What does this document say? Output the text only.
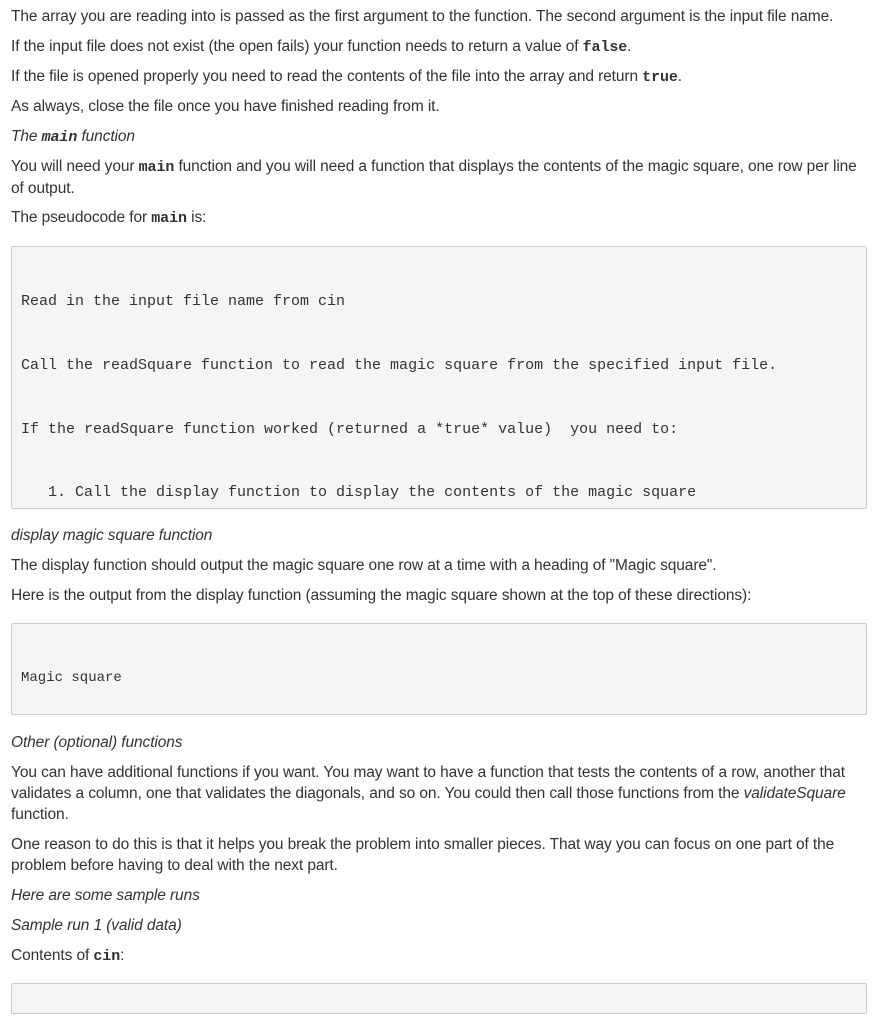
The array you are reading into is passed as the first argument to the function. The second argument is the input file name.

If the input file does not exist (the open fails) your function needs to return a value of false.

If the file is opened properly you need to read the contents of the file into the array and return true.

As always, close the file once you have finished reading from it.

The main function

You will need your main function and you will need a function that displays the contents of the magic square, one row per line of output.

The pseudocode for main is:

Read in the input file name from cin

Call the readSquare function to read the magic square from the specified input file.

If the readSquare function worked (returned a *true* value)  you need to:

1. Call the display function to display the contents of the magic square

display magic square function

The display function should output the magic square one row at a time with a heading of "Magic square".

Here is the output from the display function (assuming the magic square shown at the top of these directions):

Magic square

Other (optional) functions

You can have additional functions if you want. You may want to have a function that tests the contents of a row, another that validates a column, one that validates the diagonals, and so on. You could then call those functions from the validateSquare function.

One reason to do this is that it helps you break the problem into smaller pieces. That way you can focus on one part of the problem before having to deal with the next part.

Here are some sample runs

Sample run 1 (valid data)

Contents of cin:
